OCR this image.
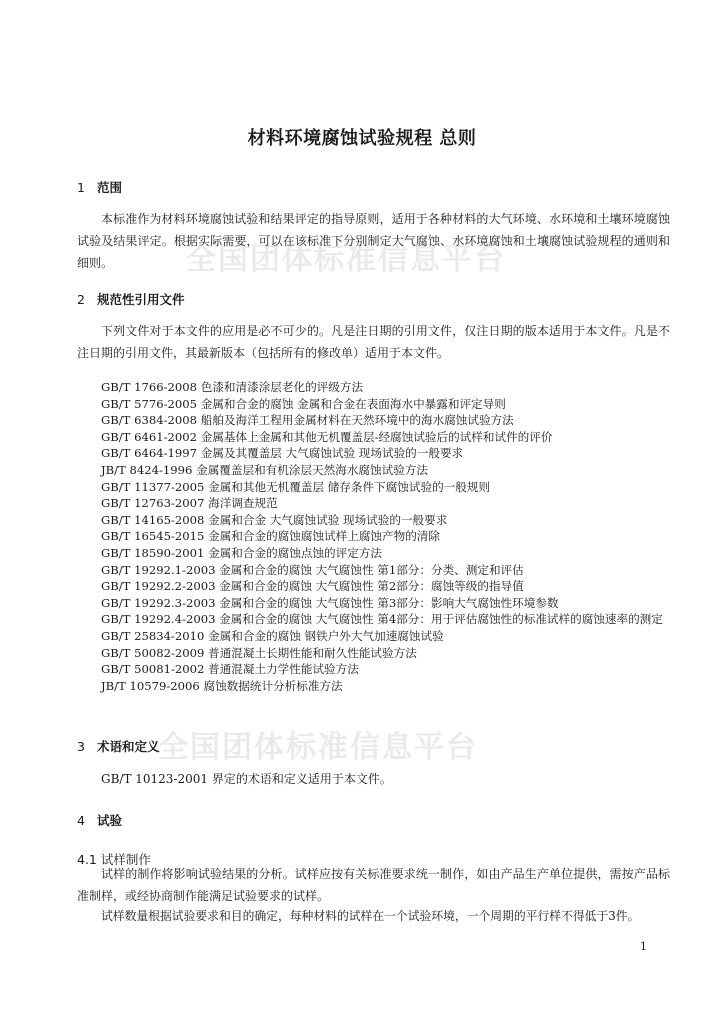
全国团体标准信息平台
全国团体标准信息平台
材料环境腐蚀试验规程 总则
1 范围
本标准作为材料环境腐蚀试验和结果评定的指导原则，适用于各种材料的大气环境、水环境和土壤环境腐蚀试验及结果评定。根据实际需要，可以在该标准下分别制定大气腐蚀、水环境腐蚀和土壤腐蚀试验规程的通则和细则。
2 规范性引用文件
下列文件对于本文件的应用是必不可少的。凡是注日期的引用文件，仅注日期的版本适用于本文件。凡是不注日期的引用文件，其最新版本（包括所有的修改单）适用于本文件。
GB/T 1766-2008 色漆和清漆涂层老化的评级方法
GB/T 5776-2005 金属和合金的腐蚀 金属和合金在表面海水中暴露和评定导则
GB/T 6384-2008 船舶及海洋工程用金属材料在天然环境中的海水腐蚀试验方法
GB/T 6461-2002 金属基体上金属和其他无机覆盖层-经腐蚀试验后的试样和试件的评价
GB/T 6464-1997 金属及其覆盖层 大气腐蚀试验 现场试验的一般要求
JB/T 8424-1996 金属覆盖层和有机涂层天然海水腐蚀试验方法
GB/T 11377-2005 金属和其他无机覆盖层 储存条件下腐蚀试验的一般规则
GB/T 12763-2007 海洋调查规范
GB/T 14165-2008 金属和合金 大气腐蚀试验 现场试验的一般要求
GB/T 16545-2015 金属和合金的腐蚀腐蚀试样上腐蚀产物的清除
GB/T 18590-2001 金属和合金的腐蚀点蚀的评定方法
GB/T 19292.1-2003 金属和合金的腐蚀 大气腐蚀性 第1部分：分类、测定和评估
GB/T 19292.2-2003 金属和合金的腐蚀 大气腐蚀性 第2部分：腐蚀等级的指导值
GB/T 19292.3-2003 金属和合金的腐蚀 大气腐蚀性 第3部分：影响大气腐蚀性环境参数
GB/T 19292.4-2003 金属和合金的腐蚀 大气腐蚀性 第4部分：用于评估腐蚀性的标准试样的腐蚀速率的测定
GB/T 25834-2010 金属和合金的腐蚀 钢铁户外大气加速腐蚀试验
GB/T 50082-2009 普通混凝土长期性能和耐久性能试验方法
GB/T 50081-2002 普通混凝土力学性能试验方法
JB/T 10579-2006 腐蚀数据统计分析标准方法
3 术语和定义
GB/T 10123-2001 界定的术语和定义适用于本文件。
4 试验
4.1 试样制作
试样的制作将影响试验结果的分析。试样应按有关标准要求统一制作，如由产品生产单位提供，需按产品标准制样，或经协商制作能满足试验要求的试样。
试样数量根据试验要求和目的确定，每种材料的试样在一个试验环境，一个周期的平行样不得低于3件。
1
